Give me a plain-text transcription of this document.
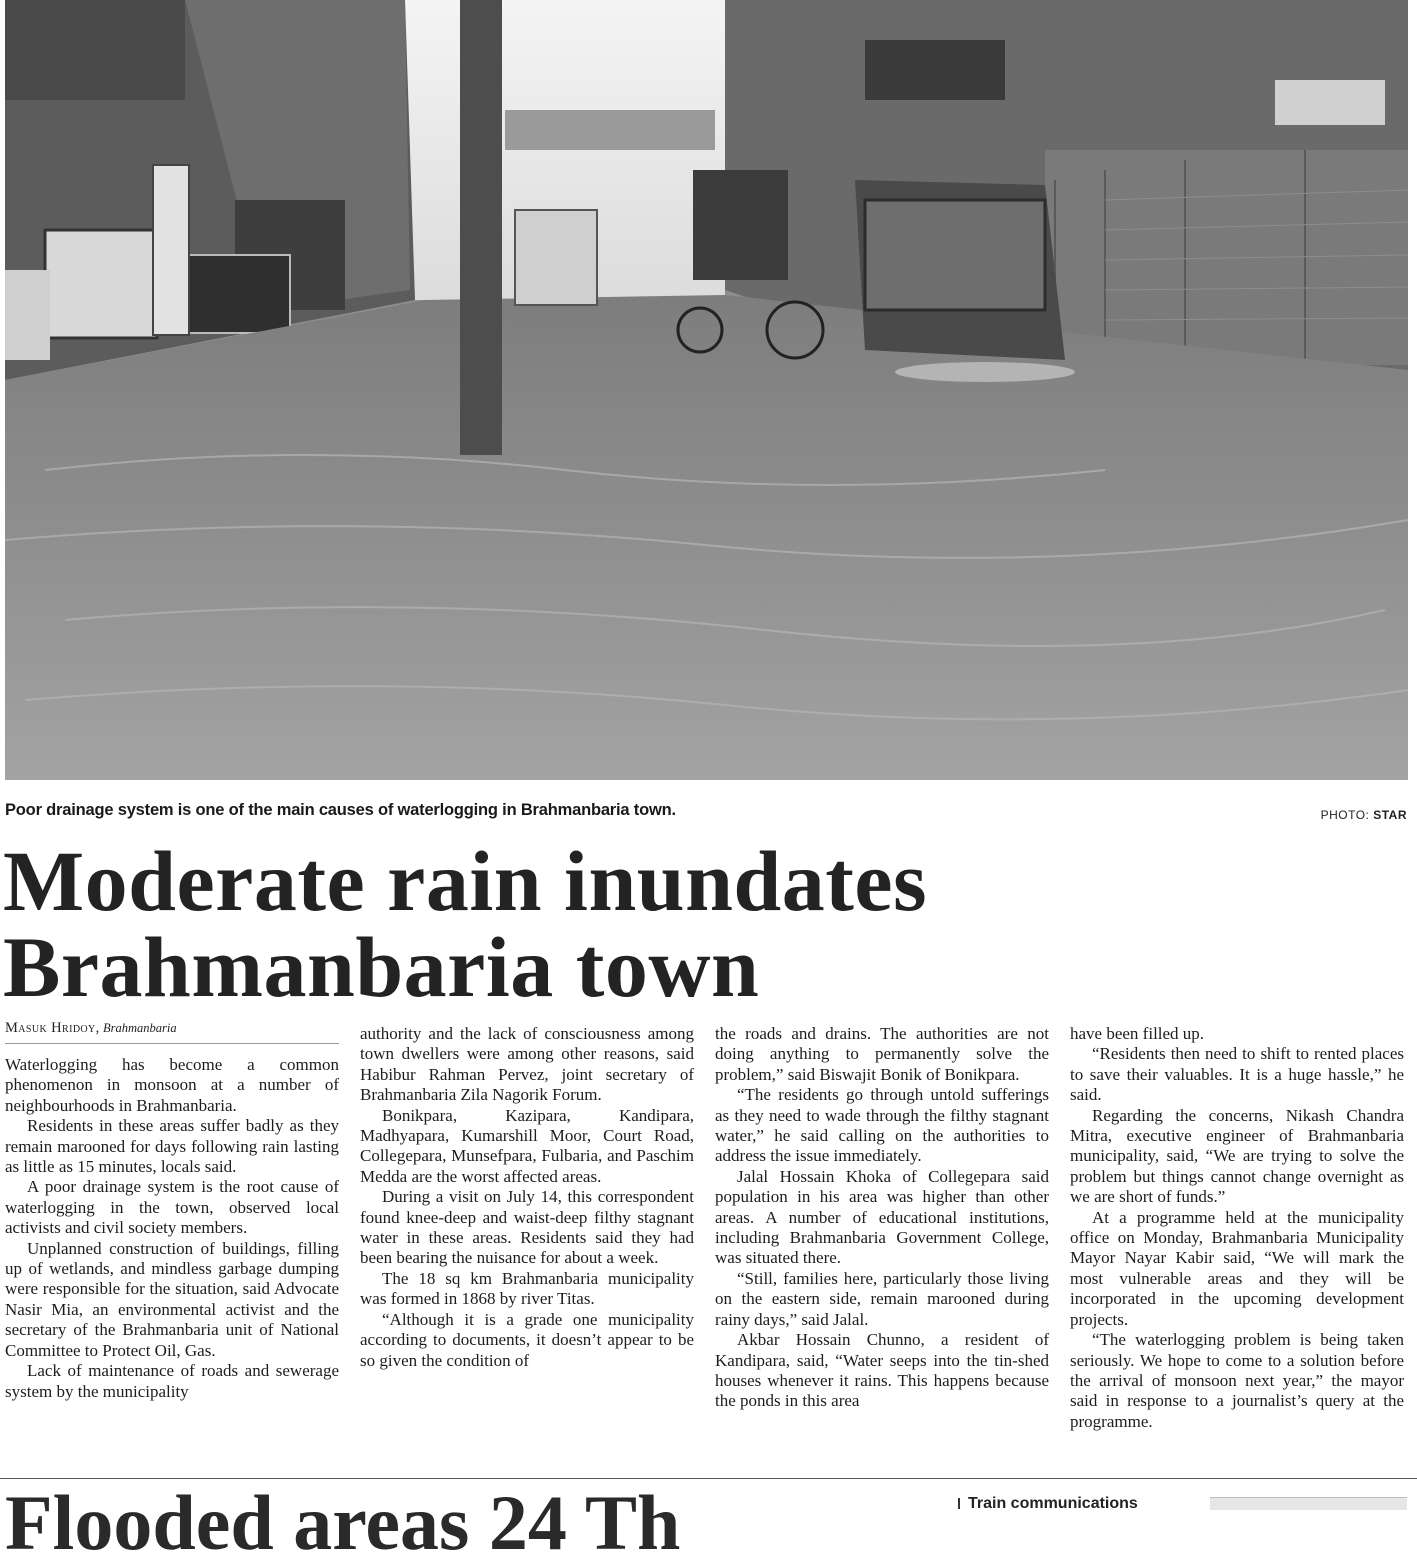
Poor drainage system is one of the main causes of waterlogging in Brahmanbaria town.	PHOTO: STAR
Moderate rain inundates
Brahmanbaria town
Masuk Hridoy, Brahmanbaria

Waterlogging has become a common phenomenon in monsoon at a number of neighbourhoods in Brahmanbaria.

Residents in these areas suffer badly as they remain marooned for days following rain lasting as little as 15 minutes, locals said.

A poor drainage system is the root cause of waterlogging in the town, observed local activists and civil society members.

Unplanned construction of buildings, filling up of wetlands, and mindless garbage dumping were responsible for the situation, said Advocate Nasir Mia, an environmental activist and the secretary of the Brahmanbaria unit of National Committee to Protect Oil, Gas.

Lack of maintenance of roads and sewerage system by the municipality

authority and the lack of consciousness among town dwellers were among other reasons, said Habibur Rahman Pervez, joint secretary of Brahmanbaria Zila Nagorik Forum.

Bonikpara, Kazipara, Kandipara, Madhyapara, Kumarshill Moor, Court Road, Collegepara, Munsefpara, Fulbaria, and Paschim Medda are the worst affected areas.

During a visit on July 14, this correspondent found knee-deep and waist-deep filthy stagnant water in these areas. Residents said they had been bearing the nuisance for about a week.

The 18 sq km Brahmanbaria municipality was formed in 1868 by river Titas.

“Although it is a grade one municipality according to documents, it doesn’t appear to be so given the condition of

the roads and drains. The authorities are not doing anything to permanently solve the problem,” said Biswajit Bonik of Bonikpara.

“The residents go through untold sufferings as they need to wade through the filthy stagnant water,” he said calling on the authorities to address the issue immediately.

Jalal Hossain Khoka of Collegepara said population in his area was higher than other areas. A number of educational institutions, including Brahmanbaria Government College, was situated there.

“Still, families here, particularly those living on the eastern side, remain marooned during rainy days,” said Jalal.

Akbar Hossain Chunno, a resident of Kandipara, said, “Water seeps into the tin-shed houses whenever it rains. This happens because the ponds in this area

have been filled up.

“Residents then need to shift to rented places to save their valuables. It is a huge hassle,” he said.

Regarding the concerns, Nikash Chandra Mitra, executive engineer of Brahmanbaria municipality, said, “We are trying to solve the problem but things cannot change overnight as we are short of funds.”

At a programme held at the municipality office on Monday, Brahmanbaria Municipality Mayor Nayar Kabir said, “We will mark the most vulnerable areas and they will be incorporated in the upcoming development projects.

“The waterlogging problem is being taken seriously. We hope to come to a solution before the arrival of monsoon next year,” the mayor said in response to a journalist’s query at the programme.

Flooded areas 24 Th	Train communications
